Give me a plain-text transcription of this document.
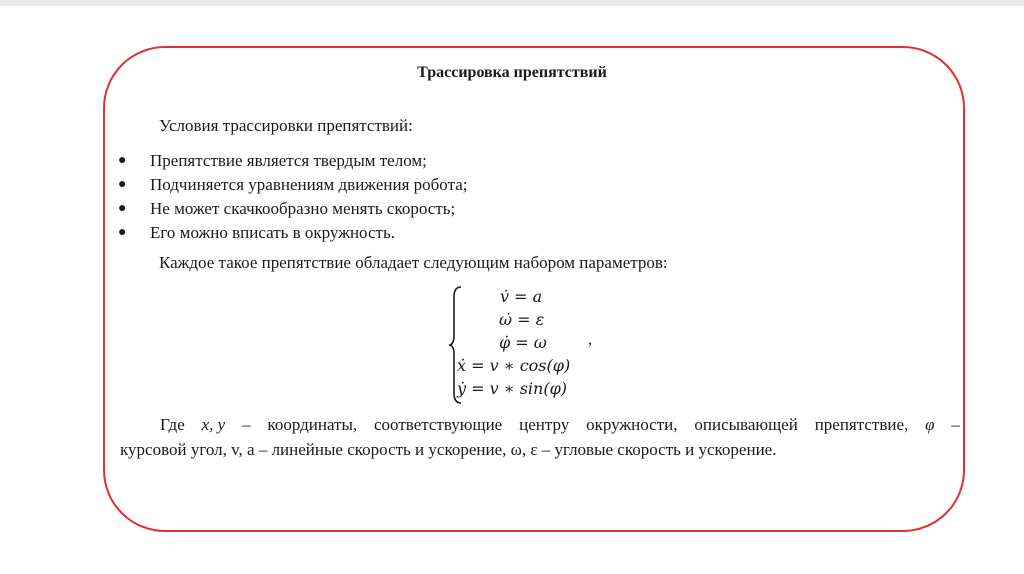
Трассировка препятствий
Условия трассировки препятствий:
●	Препятствие является твердым телом;
●	Подчиняется уравнениям движения робота;
●	Не может скачкообразно менять скорость;
●	Его можно вписать в окружность.
Каждое такое препятствие обладает следующим набором параметров:
v̇ = a
ω̇ = ε
φ̇ = ω
ẋ = v ∗ cos(φ)
ẏ = v ∗ sin(φ)
,
Где x, y – координаты, соответствующие центру окружности, описывающей препятствие, φ –
курсовой угол, v, a – линейные скорость и ускорение, ω, ε – угловые скорость и ускорение.
